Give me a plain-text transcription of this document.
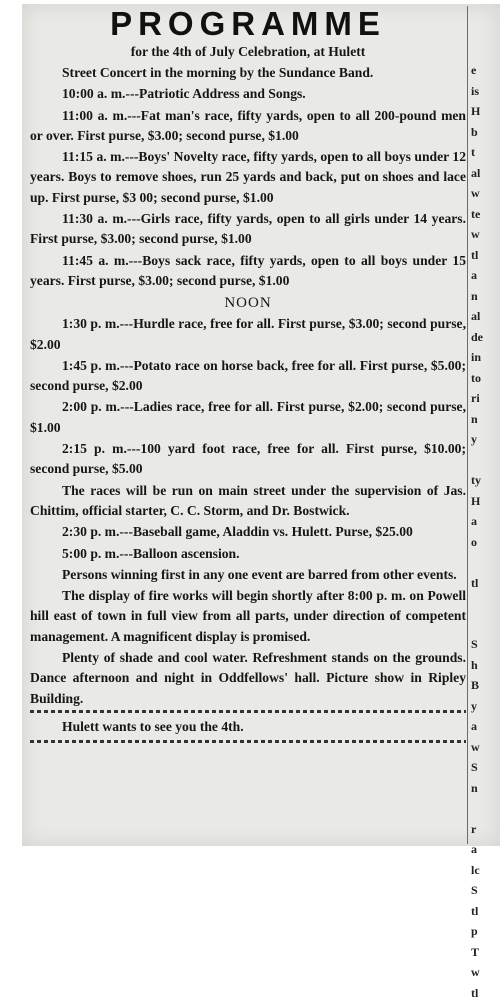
e
is
H
b
t
al
w
te
w
tl
a
n
al
de
in
to
ri
n
y
ty
H
a
o
tl
S
h
B
y
a
w
S
n
r
a
lc
S
tl
p
T
w
tl
PROGRAMME

for the 4th of July Celebration, at Hulett

Street Concert in the morning by the Sundance Band.

10:00 a. m.---Patriotic Address and Songs.

11:00 a. m.---Fat man's race, fifty yards, open to all 200-pound men or over. First purse, $3.00; second purse, $1.00

11:15 a. m.---Boys' Novelty race, fifty yards, open to all boys under 12 years. Boys to remove shoes, run 25 yards and back, put on shoes and lace up. First purse, $3 00; second purse, $1.00

11:30 a. m.---Girls race, fifty yards, open to all girls under 14 years. First purse, $3.00; second purse, $1.00

11:45 a. m.---Boys sack race, fifty yards, open to all boys under 15 years. First purse, $3.00; second purse, $1.00

NOON

1:30 p. m.---Hurdle race, free for all. First purse, $3.00; second purse, $2.00

1:45 p. m.---Potato race on horse back, free for all. First purse, $5.00; second purse, $2.00

2:00 p. m.---Ladies race, free for all. First purse, $2.00; second purse, $1.00

2:15 p. m.---100 yard foot race, free for all. First purse, $10.00; second purse, $5.00

The races will be run on main street under the supervision of Jas. Chittim, official starter, C. C. Storm, and Dr. Bostwick.

2:30 p. m.---Baseball game, Aladdin vs. Hulett. Purse, $25.00

5:00 p. m.---Balloon ascension.

Persons winning first in any one event are barred from other events.

The display of fire works will begin shortly after 8:00 p. m. on Powell hill east of town in full view from all parts, under direction of competent management. A magnificent display is promised.

Plenty of shade and cool water. Refreshment stands on the grounds. Dance afternoon and night in Oddfellows' hall. Picture show in Ripley Building.

Hulett wants to see you the 4th.
